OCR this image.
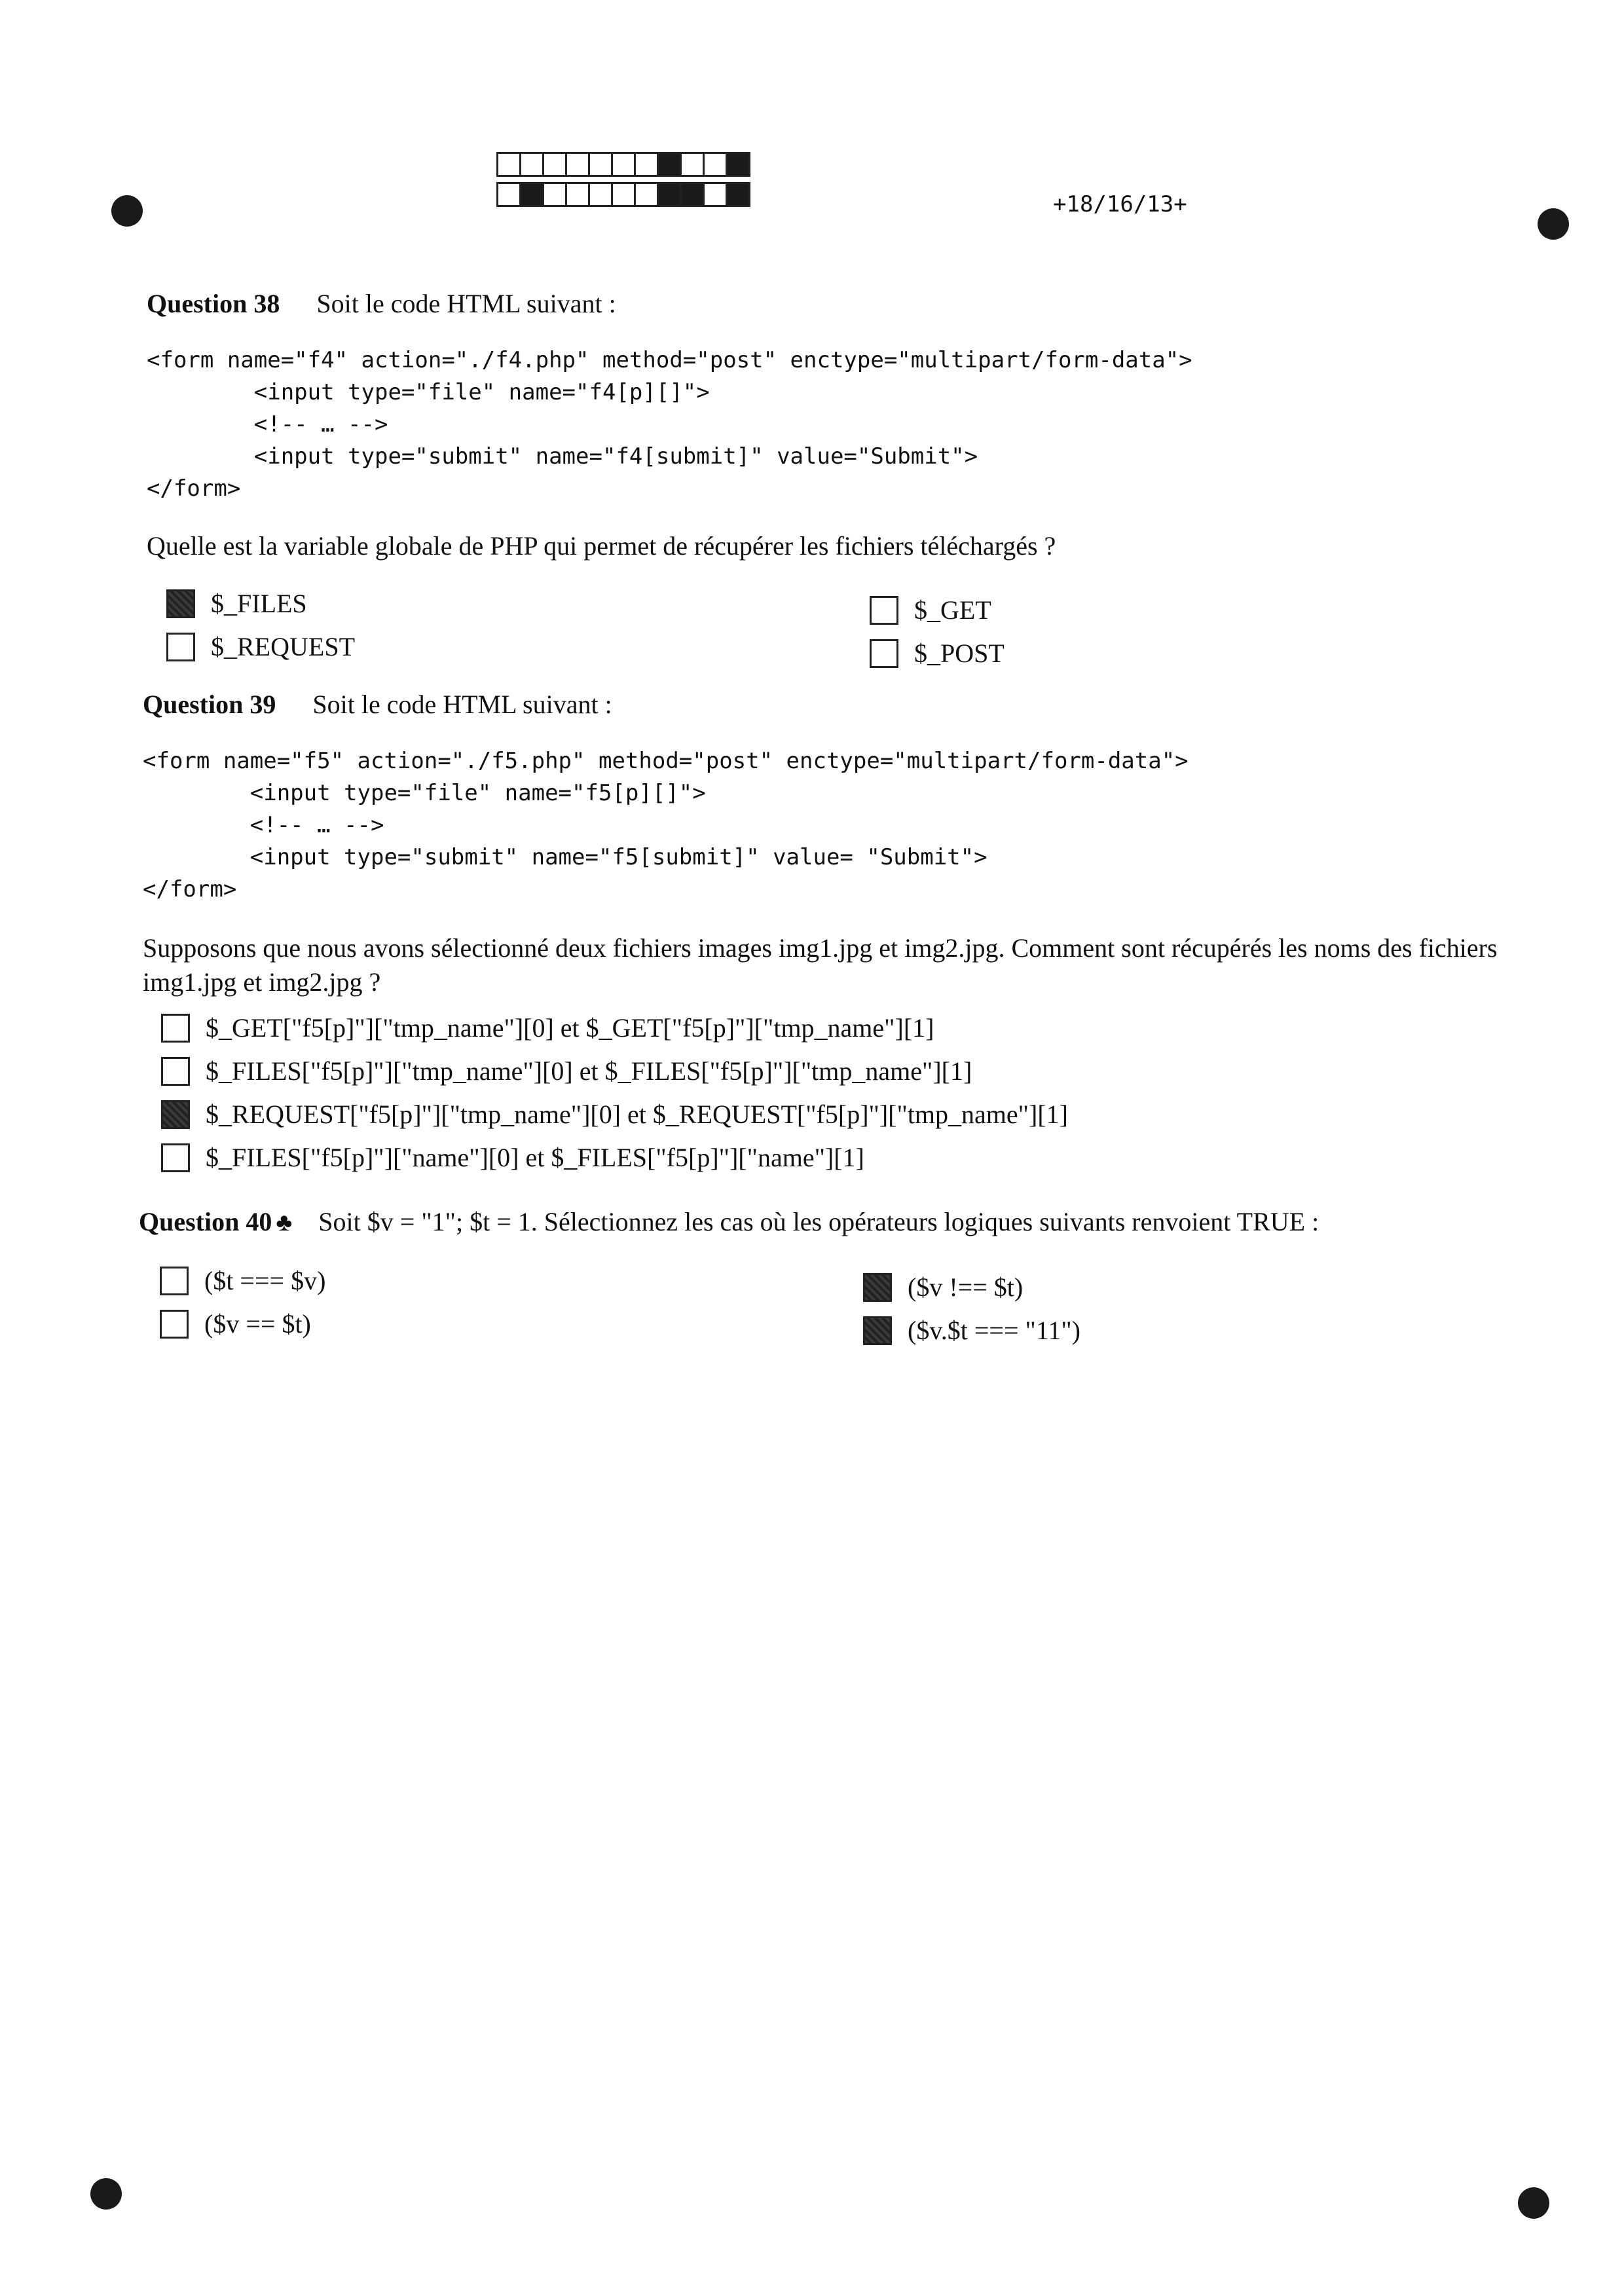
+18/16/13+
Question 38 Soit le code HTML suivant :
<form name="f4" action="./f4.php" method="post" enctype="multipart/form-data">
<input type="file" name="f4[p][]">
<!-- … -->
<input type="submit" name="f4[submit]" value="Submit">
</form>
Quelle est la variable globale de PHP qui permet de récupérer les fichiers téléchargés ?
$_FILES
$_REQUEST
$_GET
$_POST
Question 39 Soit le code HTML suivant :
<form name="f5" action="./f5.php" method="post" enctype="multipart/form-data">
<input type="file" name="f5[p][]">
<!-- … -->
<input type="submit" name="f5[submit]" value= "Submit">
</form>
Supposons que nous avons sélectionné deux fichiers images img1.jpg et img2.jpg. Comment sont récupérés les noms des fichiers img1.jpg et img2.jpg ?
$_GET["f5[p]"]["tmp_name"][0] et $_GET["f5[p]"]["tmp_name"][1]
$_FILES["f5[p]"]["tmp_name"][0] et $_FILES["f5[p]"]["tmp_name"][1]
$_REQUEST["f5[p]"]["tmp_name"][0] et $_REQUEST["f5[p]"]["tmp_name"][1]
$_FILES["f5[p]"]["name"][0] et $_FILES["f5[p]"]["name"][1]
Question 40 ♣ Soit $v = "1"; $t = 1. Sélectionnez les cas où les opérateurs logiques suivants renvoient TRUE :
($t === $v)
($v == $t)
($v !== $t)
($v.$t === "11")
